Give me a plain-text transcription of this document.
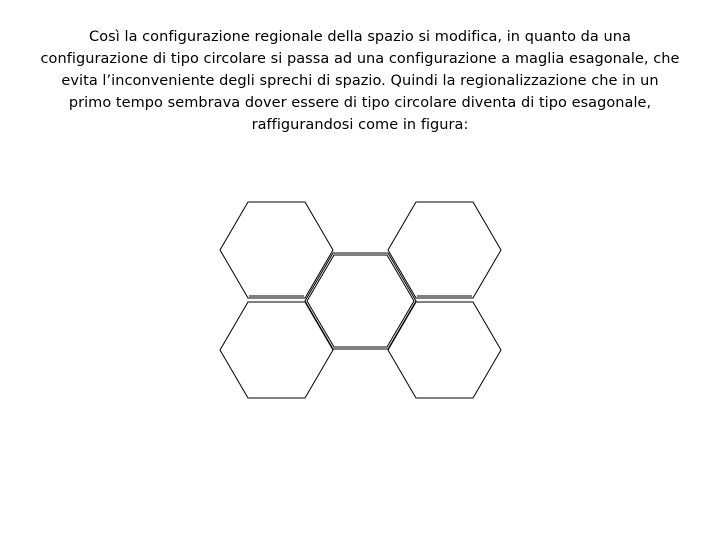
Così la configurazione regionale della spazio si modifica, in quanto da una
configurazione di tipo circolare si passa ad una configurazione a maglia esagonale, che
evita l’inconveniente degli sprechi di spazio. Quindi la regionalizzazione che in un
primo tempo sembrava dover essere di tipo circolare diventa di tipo esagonale,
raffigurandosi come in figura:
